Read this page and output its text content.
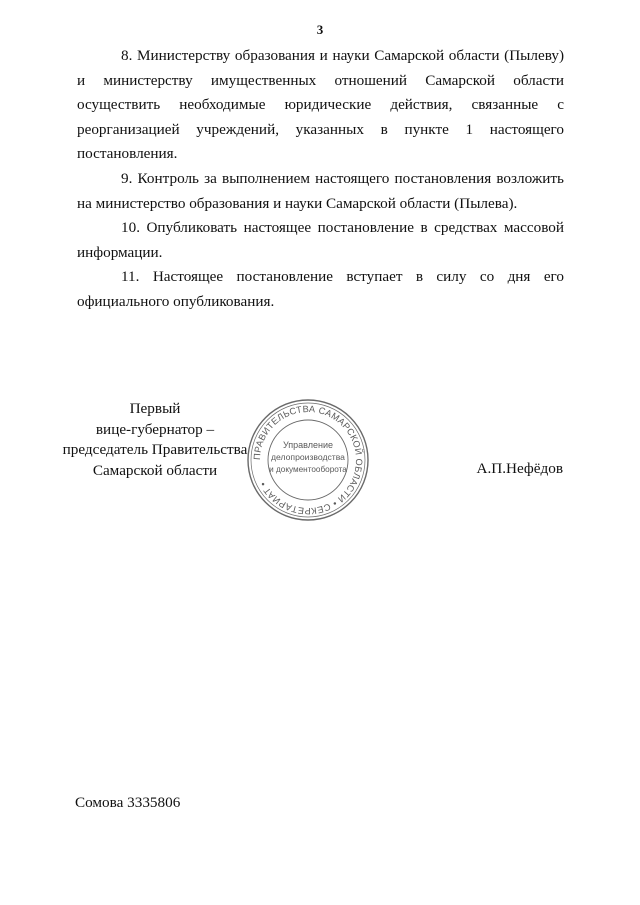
3

8. Министерству образования и науки Самарской области (Пылеву) и министерству имущественных отношений Самарской области осуществить необходимые юридические действия, связанные с реорганизацией учреждений, указанных в пункте 1 настоящего постановления.

9. Контроль за выполнением настоящего постановления возложить на министерство образования и науки Самарской области (Пылева).

10. Опубликовать настоящее постановление в средствах массовой информации.

11. Настоящее постановление вступает в силу со дня его официального опубликования.

Первый
вице-губернатор –
председатель Правительства
Самарской области
ПРАВИТЕЛЬСТВА САМАРСКОЙ ОБЛАСТИ • СЕКРЕТАРИАТ •
Управление
делопроизводства
и документооборота	А.П.Нефёдов
Сомова 3335806
